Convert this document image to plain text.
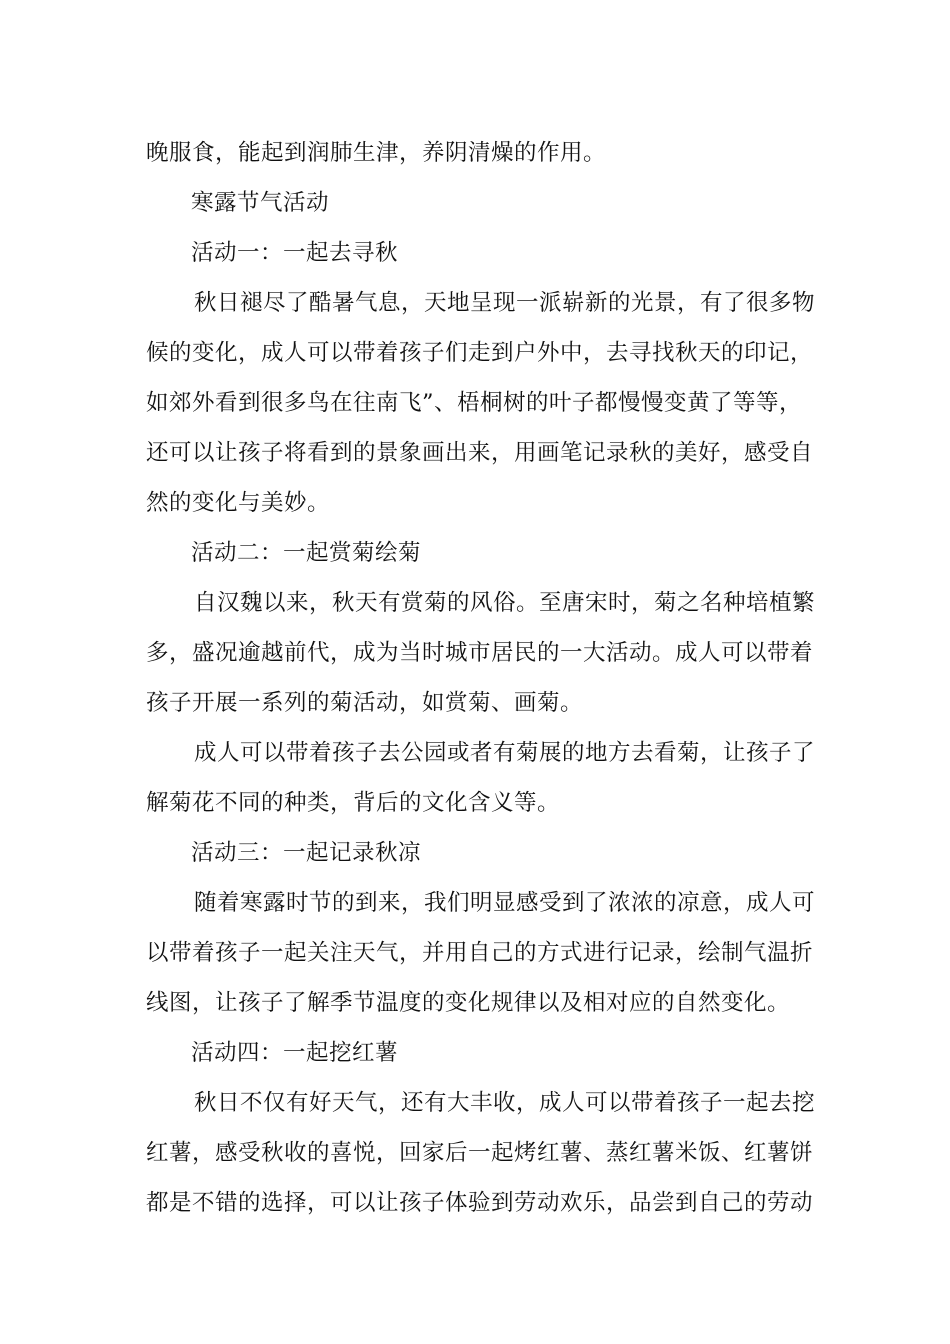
晚服食，能起到润肺生津，养阴清燥的作用。
寒露节气活动
活动一：一起去寻秋
秋日褪尽了酷暑气息，天地呈现一派崭新的光景，有了很多物
候的变化，成人可以带着孩子们走到户外中，去寻找秋天的印记，
如郊外看到很多鸟在往南飞”、梧桐树的叶子都慢慢变黄了等等，
还可以让孩子将看到的景象画出来，用画笔记录秋的美好，感受自
然的变化与美妙。
活动二：一起赏菊绘菊
自汉魏以来，秋天有赏菊的风俗。至唐宋时，菊之名种培植繁
多，盛况逾越前代，成为当时城市居民的一大活动。成人可以带着
孩子开展一系列的菊活动，如赏菊、画菊。
成人可以带着孩子去公园或者有菊展的地方去看菊，让孩子了
解菊花不同的种类，背后的文化含义等。
活动三：一起记录秋凉
随着寒露时节的到来，我们明显感受到了浓浓的凉意，成人可
以带着孩子一起关注天气，并用自己的方式进行记录，绘制气温折
线图，让孩子了解季节温度的变化规律以及相对应的自然变化。
活动四：一起挖红薯
秋日不仅有好天气，还有大丰收，成人可以带着孩子一起去挖
红薯，感受秋收的喜悦，回家后一起烤红薯、蒸红薯米饭、红薯饼
都是不错的选择，可以让孩子体验到劳动欢乐，品尝到自己的劳动
